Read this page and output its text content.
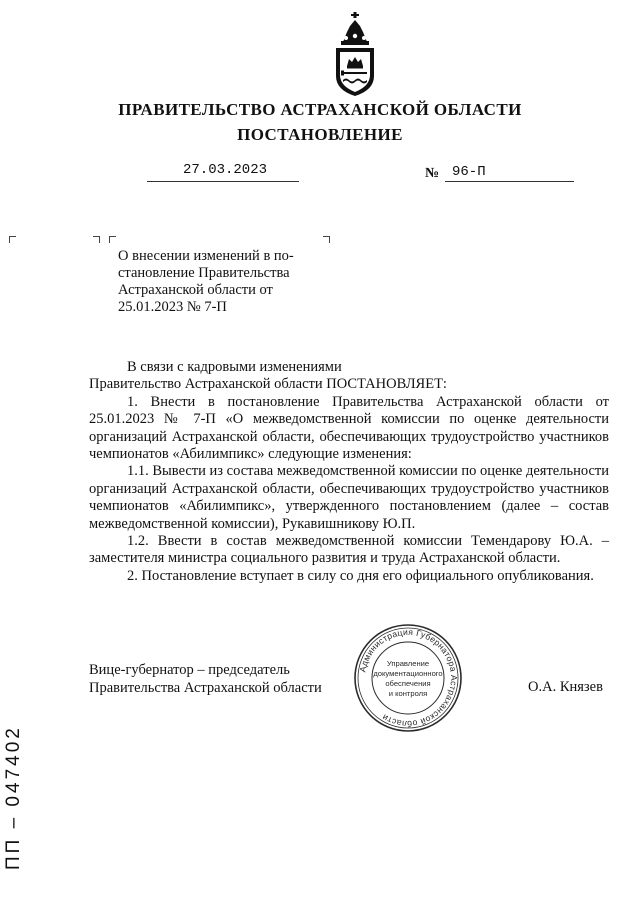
ПРАВИТЕЛЬСТВО АСТРАХАНСКОЙ ОБЛАСТИ
ПОСТАНОВЛЕНИЕ
27.03.2023	№ 96-П
О внесении изменений в по-
становление Правительства
Астраханской области от
25.01.2023 № 7-П

В связи с кадровыми изменениями

Правительство Астраханской области ПОСТАНОВЛЯЕТ:

1. Внести в постановление Правительства Астраханской области от 25.01.2023 № 7-П «О межведомственной комиссии по оценке деятельности организаций Астраханской области, обеспечивающих трудоустройство участников чемпионатов «Абилимпикс» следующие изменения:

1.1. Вывести из состава межведомственной комиссии по оценке деятельности организаций Астраханской области, обеспечивающих трудоустройство участников чемпионатов «Абилимпикс», утвержденного постановлением (далее – состав межведомственной комиссии), Рукавишникову Ю.П.

1.2. Ввести в состав межведомственной комиссии Темендарову Ю.А. – заместителя министра социального развития и труда Астраханской области.

2. Постановление вступает в силу со дня его официального опубликования.

Вице-губернатор – председатель
Правительства Астраханской области	О.А. Князев
Администрация Губернатора Астраханской области
Управление
документационного
обеспечения
и контроля
ПП – 047402
